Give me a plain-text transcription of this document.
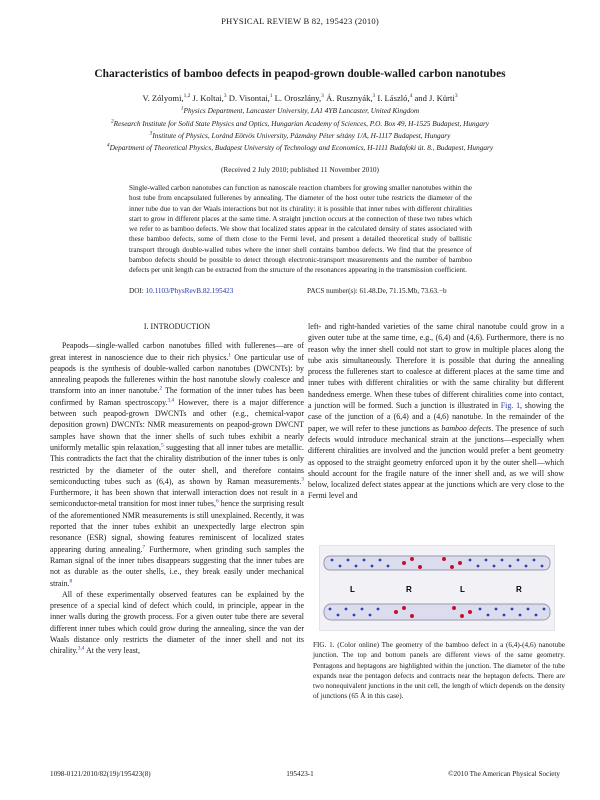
PHYSICAL REVIEW B 82, 195423 (2010)
Characteristics of bamboo defects in peapod-grown double-walled carbon nanotubes
V. Zólyomi,$^{1,2}$ J. Koltai,$^3$ D. Visontai,$^1$ L. Oroszlány,$^3$ Á. Rusznyák,$^3$ I. László,$^4$ and J. Kürti$^3$
$^1$Physics Department, Lancaster University, LA1 4YB Lancaster, United Kingdom
$^2$Research Institute for Solid State Physics and Optics, Hungarian Academy of Sciences, P.O. Box 49, H-1525 Budapest, Hungary
$^3$Institute of Physics, Loránd Eötvös University, Pázmány Péter sétány 1/A, H-1117 Budapest, Hungary
$^4$Department of Theoretical Physics, Budapest University of Technology and Economics, H-1111 Budafoki út. 8., Budapest, Hungary
(Received 2 July 2010; published 11 November 2010)
Single-walled carbon nanotubes can function as nanoscale reaction chambers for growing smaller nanotubes within the host tube from encapsulated fullerenes by annealing. The diameter of the host outer tube restricts the diameter of the inner tube due to van der Waals interactions but not its chirality: it is possible that inner tubes with different chiralities start to grow in different places at the same time. A straight junction occurs at the connection of these two tubes which we refer to as bamboo defects. We show that localized states appear in the calculated density of states associated with these bamboo defects, some of them close to the Fermi level, and present a detailed theoretical study of ballistic transport through double-walled tubes where the inner shell contains bamboo defects. We find that the presence of bamboo defects should be possible to detect through electronic-transport measurements and the number of bamboo defects per unit length can be extracted from the structure of the resonances appearing in the transmission coefficient.
DOI: 10.1103/PhysRevB.82.195423	PACS number(s): 61.48.De, 71.15.Mb, 73.63.−b

I. INTRODUCTION

Peapods—single-walled carbon nanotubes filled with fullerenes—are of great interest in nanoscience due to their rich physics.$^1$ One particular use of peapods is the synthesis of double-walled carbon nanotubes (DWCNTs): by annealing peapods the fullerenes within the host nanotube slowly coalesce and transform into an inner nanotube.$^2$ The formation of the inner tubes has been confirmed by Raman spectroscopy.$^{3,4}$ However, there is a major difference between such peapod-grown DWCNTs and other (e.g., chemical-vapor deposition grown) DWCNTs: NMR measurements on peapod-grown DWCNT samples have shown that the inner shells of such tubes exhibit a nearly uniformly metallic spin relaxation,$^5$ suggesting that all inner tubes are metallic. This contradicts the fact that the chirality distribution of the inner tubes is only restricted by the diameter of the outer shell, and therefore contains semiconducting tubes such as (6,4), as shown by Raman measurements.$^3$ Furthermore, it has been shown that interwall interaction does not result in a semiconductor-metal transition for most inner tubes,$^6$ hence the surprising result of the aforementioned NMR measurements is still unexplained. Recently, it was reported that the inner tubes exhibit an unexpectedly large electron spin resonance (ESR) signal, showing features reminiscent of localized states appearing during annealing.$^7$ Furthermore, when grinding such samples the Raman signal of the inner tubes disappears suggesting that the inner tubes are not as durable as the outer shells, i.e., they break easily under mechanical strain.$^8$

All of these experimentally observed features can be explained by the presence of a special kind of defect which could, in principle, appear in the inner walls during the growth process. For a given outer tube there are several different inner tubes which could grow during the annealing, since the van der Waals distance only restricts the diameter of the inner shell and not its chirality.$^{3,4}$ At the very least,

left- and right-handed varieties of the same chiral nanotube could grow in a given outer tube at the same time, e.g., (6,4) and (4,6). Furthermore, there is no reason why the inner shell could not start to grow in multiple places along the tube axis simultaneously. Therefore it is possible that during the annealing process the fullerenes start to coalesce at different places at the same time and inner tubes with different chiralities or with the same chirality but different handedness emerge. When these tubes of different chiralities come into contact, a junction will be formed. Such a junction is illustrated in Fig. 1, showing the case of the junction of a (6,4) and a (4,6) nanotube. In the remainder of the paper, we will refer to these junctions as bamboo defects. The presence of such defects would introduce mechanical strain at the junctions—especially when different chiralities are involved and the junction would prefer a bent geometry as opposed to the straight geometry enforced upon it by the outer shell—which should account for the fragile nature of the inner shell and, as we will show below, localized defect states appear at the junctions which are very close to the Fermi level and

L	R	L	R
FIG. 1. (Color online) The geometry of the bamboo defect in a (6,4)-(4,6) nanotube junction. The top and bottom panels are different views of the same geometry. Pentagons and heptagons are highlighted within the junction. The diameter of the tube expands near the pentagon defects and contracts near the heptagon defects. There are two nonequivalent junctions in the unit cell, the length of which depends on the density of junctions (65 Å in this case).
1098-0121/2010/82(19)/195423(8)	195423-1	©2010 The American Physical Society
